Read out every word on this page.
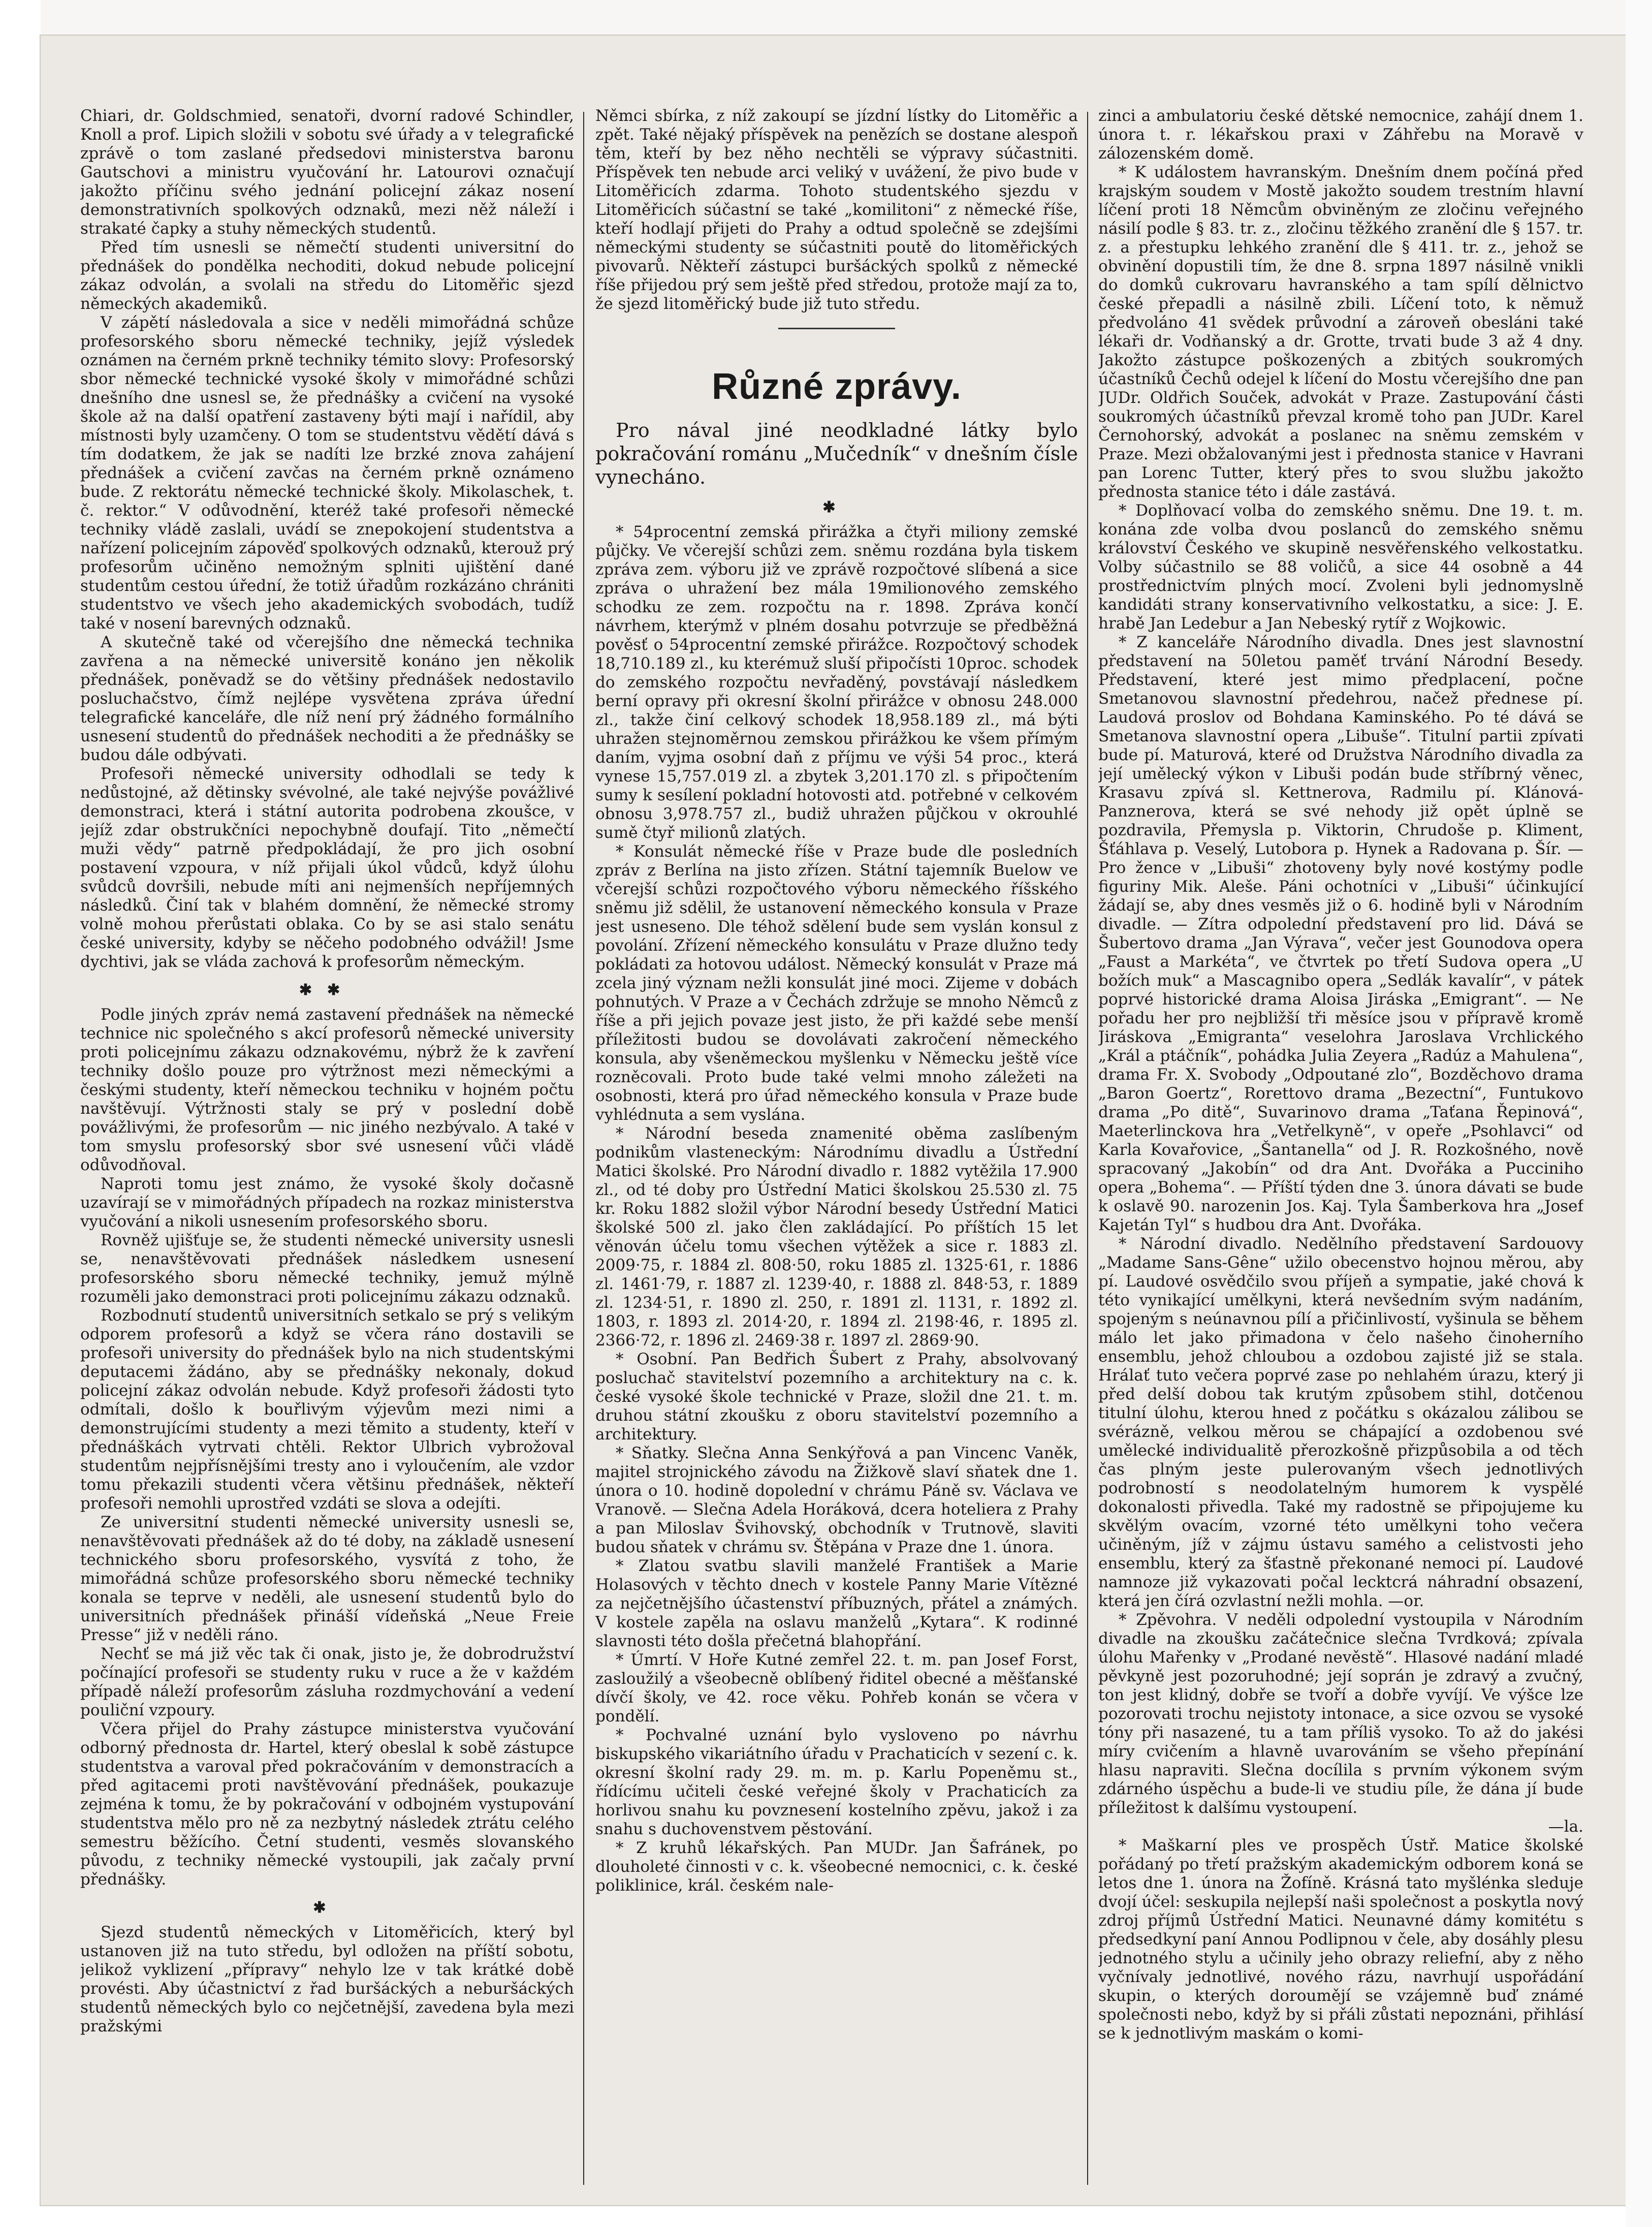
Chiari, dr. Goldschmied, senatoři, dvorní radové Schindler, Knoll a prof. Lipich složili v sobotu své úřady a v telegrafické zprávě o tom zaslané předsedovi ministerstva baronu Gautschovi a ministru vyučování hr. Latourovi označují jakožto příčinu svého jednání policejní zákaz nosení demonstrativních spolkových odznaků, mezi něž náleží i strakaté čapky a stuhy německých studentů.

Před tím usnesli se němečtí studenti universitní do přednášek do pondělka nechoditi, dokud nebude policejní zákaz odvolán, a svolali na středu do Litoměřic sjezd německých akademiků.

V zápětí následovala a sice v neděli mimořádná schůze profesorského sboru německé techniky, jejíž výsledek oznámen na černém prkně techniky témito slovy: Profesorský sbor německé technické vysoké školy v mimořádné schůzi dnešního dne usnesl se, že přednášky a cvičení na vysoké škole až na další opatření zastaveny býti mají i nařídil, aby místnosti byly uzamčeny. O tom se studentstvu vědětí dává s tím dodatkem, že jak se nadíti lze brzké znova zahájení přednášek a cvičení zavčas na černém prkně oznámeno bude. Z rektorátu německé technické školy. Mikolaschek, t. č. rektor.“ V odůvodnění, kteréž také profesoři německé techniky vládě zaslali, uvádí se znepokojení studentstva a nařízení policejním zápověď spolkových odznaků, kterouž prý profesorům učiněno nemožným splniti ujištění dané studentům cestou úřední, že totiž úřadům rozkázáno chrániti studentstvo ve všech jeho akademických svobodách, tudíž také v nosení barevných odznaků.

A skutečně také od včerejšího dne německá technika zavřena a na německé universitě konáno jen několik přednášek, poněvadž se do většiny přednášek nedostavilo posluchačstvo, čímž nejlépe vysvětena zpráva úřední telegrafické kanceláře, dle níž není prý žádného formálního usnesení studentů do přednášek nechoditi a že přednášky se budou dále odbývati.

Profesoři německé university odhodlali se tedy k nedůstojné, až dětinsky svévolné, ale také nejvýše povážlivé demonstraci, která i státní autorita podrobena zkoušce, v jejíž zdar obstrukčníci nepochybně doufají. Tito „němečtí muži vědy“ patrně předpokládají, že pro jich osobní postavení vzpoura, v níž přijali úkol vůdců, když úlohu svůdců dovršili, nebude míti ani nejmenších nepříjemných následků. Činí tak v blahém domnění, že německé stromy volně mohou přerůstati oblaka. Co by se asi stalo senátu české university, kdyby se něčeho podobného odvážil! Jsme dychtivi, jak se vláda zachová k profesorům německým.

✱✱

Podle jiných zpráv nemá zastavení přednášek na německé technice nic společného s akcí profesorů německé university proti policejnímu zákazu odznakovému, nýbrž že k zavření techniky došlo pouze pro výtržnost mezi německými a českými studenty, kteří německou techniku v hojném počtu navštěvují. Výtržnosti staly se prý v poslední době povážlivými, že profesorům — nic jiného nezbývalo. A také v tom smyslu profesorský sbor své usnesení vůči vládě odůvodňoval.

Naproti tomu jest známo, že vysoké školy dočasně uzavírají se v mimořádných případech na rozkaz ministerstva vyučování a nikoli usnesením profesorského sboru.

Rovněž ujišťuje se, že studenti německé university usnesli se, nenavštěvovati přednášek následkem usnesení profesorského sboru německé techniky, jemuž mýlně rozuměli jako demonstraci proti policejnímu zákazu odznaků.

Rozbodnutí studentů universitních setkalo se prý s velikým odporem profesorů a když se včera ráno dostavili se profesoři university do přednášek bylo na nich studentskými deputacemi žádáno, aby se přednášky nekonaly, dokud policejní zákaz odvolán nebude. Když profesoři žádosti tyto odmítali, došlo k bouřlivým výjevům mezi nimi a demonstrujícími studenty a mezi těmito a studenty, kteří v přednáškách vytrvati chtěli. Rektor Ulbrich vybrožoval studentům nejpřísnějšími tresty ano i vyloučením, ale vzdor tomu překazili studenti včera většinu přednášek, někteří profesoři nemohli uprostřed vzdáti se slova a odejíti.

Ze universitní studenti německé university usnesli se, nenavštěvovati přednášek až do té doby, na základě usnesení technického sboru profesorského, vysvítá z toho, že mimořádná schůze profesorského sboru německé techniky konala se teprve v neděli, ale usnesení studentů bylo do universitních přednášek přináší vídeňská „Neue Freie Presse“ již v neděli ráno.

Nechť se má již věc tak či onak, jisto je, že dobrodružství počínající profesoři se studenty ruku v ruce a že v každém případě náleží profesorům zásluha rozdmychování a vedení pouliční vzpoury.

Včera přijel do Prahy zástupce ministerstva vyučování odborný přednosta dr. Hartel, který obeslal k sobě zástupce studentstva a varoval před pokračováním v demonstracích a před agitacemi proti navštěvování přednášek, poukazuje zejména k tomu, že by pokračování v odbojném vystupování studentstva mělo pro ně za nezbytný následek ztrátu celého semestru běžícího. Četní studenti, vesměs slovanského původu, z techniky německé vystoupili, jak začaly první přednášky.

✱

Sjezd studentů německých v Litoměřicích, který byl ustanoven již na tuto středu, byl odložen na příští sobotu, jelikož vyklizení „přípravy“ nehylo lze v tak krátké době provésti. Aby účastnictví z řad buršáckých a neburšáckých studentů německých bylo co nejčetnější, zavedena byla mezi pražskými

Němci sbírka, z níž zakoupí se jízdní lístky do Litoměřic a zpět. Také nějaký příspěvek na penězích se dostane alespoň těm, kteří by bez něho nechtěli se výpravy súčastniti. Příspěvek ten nebude arci veliký v uvážení, že pivo bude v Litoměřicích zdarma. Tohoto studentského sjezdu v Litoměřicích súčastní se také „komilitoni“ z německé říše, kteří hodlají přijeti do Prahy a odtud společně se zdejšími německými studenty se súčastniti poutě do litoměřických pivovarů. Někteří zástupci buršáckých spolků z německé říše přijedou prý sem ještě před středou, protože mají za to, že sjezd litoměřický bude již tuto středu.

Různé zprávy.

Pro nával jiné neodkladné látky bylo pokračování románu „Mučedník“ v dnešním čísle vynecháno.

✱

* 54procentní zemská přirážka a čtyři miliony zemské půjčky. Ve včerejší schůzi zem. sněmu rozdána byla tiskem zpráva zem. výboru již ve zprávě rozpočtové slíbená a sice zpráva o uhražení bez mála 19milionového zemského schodku ze zem. rozpočtu na r. 1898. Zpráva končí návrhem, kterýmž v plném dosahu potvrzuje se předběžná pověsť o 54procentní zemské přirážce. Rozpočtový schodek 18,710.189 zl., ku kterémuž sluší připočísti 10proc. schodek do zemského rozpočtu nevřaděný, povstávají následkem berní opravy při okresní školní přirážce v obnosu 248.000 zl., takže činí celkový schodek 18,958.189 zl., má býti uhražen stejnoměrnou zemskou přirážkou ke všem přímým daním, vyjma osobní daň z příjmu ve výši 54 proc., která vynese 15,757.019 zl. a zbytek 3,201.170 zl. s připočtením sumy k sesílení pokladní hotovosti atd. potřebné v celkovém obnosu 3,978.757 zl., budiž uhražen půjčkou v okrouhlé sumě čtyř milionů zlatých.

* Konsulát německé říše v Praze bude dle posledních zpráv z Berlína na jisto zřízen. Státní tajemník Buelow ve včerejší schůzi rozpočtového výboru německého říšského sněmu již sdělil, že ustanovení německého konsula v Praze jest usneseno. Dle téhož sdělení bude sem vyslán konsul z povolání. Zřízení německého konsulátu v Praze dlužno tedy pokládati za hotovou událost. Německý konsulát v Praze má zcela jiný význam nežli konsulát jiné moci. Zijeme v dobách pohnutých. V Praze a v Čechách zdržuje se mnoho Němců z říše a při jejich povaze jest jisto, že při každé sebe menší příležitosti budou se dovolávati zakročení německého konsula, aby všeněmeckou myšlenku v Německu ještě více rozněcovali. Proto bude také velmi mnoho záležeti na osobnosti, která pro úřad německého konsula v Praze bude vyhlédnuta a sem vyslána.

* Národní beseda znamenité oběma zaslíbeným podnikům vlasteneckým: Národnímu divadlu a Ústřední Matici školské. Pro Národní divadlo r. 1882 vytěžila 17.900 zl., od té doby pro Ústřední Matici školskou 25.530 zl. 75 kr. Roku 1882 složil výbor Národní besedy Ústřední Matici školské 500 zl. jako člen zakládající. Po příštích 15 let věnován účelu tomu všechen výtěžek a sice r. 1883 zl. 2009·75, r. 1884 zl. 808·50, roku 1885 zl. 1325·61, r. 1886 zl. 1461·79, r. 1887 zl. 1239·40, r. 1888 zl. 848·53, r. 1889 zl. 1234·51, r. 1890 zl. 250, r. 1891 zl. 1131, r. 1892 zl. 1803, r. 1893 zl. 2014·20, r. 1894 zl. 2198·46, r. 1895 zl. 2366·72, r. 1896 zl. 2469·38 r. 1897 zl. 2869·90.

* Osobní. Pan Bedřich Šubert z Prahy, absolvovaný posluchač stavitelství pozemního a architektury na c. k. české vysoké škole technické v Praze, složil dne 21. t. m. druhou státní zkoušku z oboru stavitelství pozemního a architektury.

* Sňatky. Slečna Anna Senkýřová a pan Vincenc Vaněk, majitel strojnického závodu na Žižkově slaví sňatek dne 1. února o 10. hodině dopolední v chrámu Páně sv. Václava ve Vranově. — Slečna Adela Horáková, dcera hoteliera z Prahy a pan Miloslav Švihovský, obchodník v Trutnově, slaviti budou sňatek v chrámu sv. Štěpána v Praze dne 1. února.

* Zlatou svatbu slavili manželé František a Marie Holasových v těchto dnech v kostele Panny Marie Vítězné za nejčetnějšího účastenství příbuzných, přátel a známých. V kostele zapěla na oslavu manželů „Kytara“. K rodinné slavnosti této došla přečetná blahopřání.

* Úmrtí. V Hoře Kutné zemřel 22. t. m. pan Josef Forst, zasloužilý a všeobecně oblíbený řiditel obecné a měšťanské dívčí školy, ve 42. roce věku. Pohřeb konán se včera v pondělí.

* Pochvalné uznání bylo vysloveno po návrhu biskupského vikariátního úřadu v Prachaticích v sezení c. k. okresní školní rady 29. m. m. p. Karlu Popeněmu st., řídícímu učiteli české veřejné školy v Prachaticích za horlivou snahu ku povznesení kostelního zpěvu, jakož i za snahu s duchovenstvem pěstování.

* Z kruhů lékařských. Pan MUDr. Jan Šafránek, po dlouholeté činnosti v c. k. všeobecné nemocnici, c. k. české poliklinice, král. českém nale-

zinci a ambulatoriu české dětské nemocnice, zahájí dnem 1. února t. r. lékařskou praxi v Záhřebu na Moravě v zálozenském domě.

* K událostem havranským. Dnešním dnem počíná před krajským soudem v Mostě jakožto soudem trestním hlavní líčení proti 18 Němcům obviněným ze zločinu veřejného násilí podle § 83. tr. z., zločinu těžkého zranění dle § 157. tr. z. a přestupku lehkého zranění dle § 411. tr. z., jehož se obvinění dopustili tím, že dne 8. srpna 1897 násilně vnikli do domků cukrovaru havranského a tam spílí dělnictvo české přepadli a násilně zbili. Líčení toto, k němuž předvoláno 41 svědek průvodní a zároveň obesláni také lékaři dr. Vodňanský a dr. Grotte, trvati bude 3 až 4 dny. Jakožto zástupce poškozených a zbitých soukromých účastníků Čechů odejel k líčení do Mostu včerejšího dne pan JUDr. Oldřich Souček, advokát v Praze. Zastupování části soukromých účastníků převzal kromě toho pan JUDr. Karel Černohorský, advokát a poslanec na sněmu zemském v Praze. Mezi obžalovanými jest i přednosta stanice v Havrani pan Lorenc Tutter, který přes to svou službu jakožto přednosta stanice této i dále zastává.

* Doplňovací volba do zemského sněmu. Dne 19. t. m. konána zde volba dvou poslanců do zemského sněmu království Českého ve skupině nesvěřenského velkostatku. Volby súčastnilo se 88 voličů, a sice 44 osobně a 44 prostřednictvím plných mocí. Zvoleni byli jednomyslně kandidáti strany konservativního velkostatku, a sice: J. E. hrabě Jan Ledebur a Jan Nebeský rytíř z Wojkowic.

* Z kanceláře Národního divadla. Dnes jest slavnostní představení na 50letou paměť trvání Národní Besedy. Představení, které jest mimo předplacení, počne Smetanovou slavnostní předehrou, načež přednese pí. Laudová proslov od Bohdana Kaminského. Po té dává se Smetanova slavnostní opera „Libuše“. Titulní partii zpívati bude pí. Maturová, které od Družstva Národního divadla za její umělecký výkon v Libuši podán bude stříbrný věnec, Krasavu zpívá sl. Kettnerova, Radmilu pí. Klánová-Panznerova, která se své nehody již opět úplně se pozdravila, Přemysla p. Viktorin, Chrudoše p. Kliment, Šťáhlava p. Veselý, Lutobora p. Hynek a Radovana p. Šír. — Pro žence v „Libuši“ zhotoveny byly nové kostýmy podle figuriny Mik. Aleše. Páni ochotníci v „Libuši“ účinkující žádají se, aby dnes vesměs již o 6. hodině byli v Národním divadle. — Zítra odpolední představení pro lid. Dává se Šubertovo drama „Jan Výrava“, večer jest Gounodova opera „Faust a Markéta“, ve čtvrtek po třetí Sudova opera „U božích muk“ a Mascagnibo opera „Sedlák kavalír“, v pátek poprvé historické drama Aloisa Jiráska „Emigrant“. — Ne pořadu her pro nejbližší tři měsíce jsou v přípravě kromě Jiráskova „Emigranta“ veselohra Jaroslava Vrchlického „Král a ptáčník“, pohádka Julia Zeyera „Radúz a Mahulena“, drama Fr. X. Svobody „Odpoutané zlo“, Bozděchovo drama „Baron Goertz“, Rorettovo drama „Bezectní“, Funtukovo drama „Po ditě“, Suvarinovo drama „Taťana Řepinová“, Maeterlinckova hra „Vetřelkyně“, v opeře „Psohlavci“ od Karla Kovařovice, „Šantanella“ od J. R. Rozkošného, nově spracovaný „Jakobín“ od dra Ant. Dvořáka a Pucciniho opera „Bohema“. — Příští týden dne 3. února dávati se bude k oslavě 90. narozenin Jos. Kaj. Tyla Šamberkova hra „Josef Kajetán Tyl“ s hudbou dra Ant. Dvořáka.

* Národní divadlo. Nedělního představení Sardouovy „Madame Sans-Gêne“ užilo obecenstvo hojnou měrou, aby pí. Laudové osvědčilo svou příjeň a sympatie, jaké chová k této vynikající umělkyni, která nevšedním svým nadáním, spojeným s neúnavnou pílí a přičinlivostí, vyšinula se během málo let jako přimadona v čelo našeho činoherního ensemblu, jehož chloubou a ozdobou zajisté již se stala. Hrálať tuto večera poprvé zase po nehlahém úrazu, který ji před delší dobou tak krutým způsobem stihl, dotčenou titulní úlohu, kterou hned z počátku s okázalou zálibou se svérázně, velkou měrou se chápající a ozdobenou své umělecké individualitě přerozkošně přizpůsobila a od těch čas plným jeste pulerovaným všech jednotlivých podrobností s neodolatelným humorem k vyspělé dokonalosti přivedla. Také my radostně se připojujeme ku skvělým ovacím, vzorné této umělkyni toho večera učiněným, jíž v zájmu ústavu samého a celistvosti jeho ensemblu, který za šťastně překonané nemoci pí. Laudové namnoze již vykazovati počal lecktcrá náhradní obsazení, která jen čírá ozvlastní nežli mohla. —or.

* Zpěvohra. V neděli odpolední vystoupila v Národním divadle na zkoušku začátečnice slečna Tvrdková; zpívala úlohu Mařenky v „Prodané nevěstě“. Hlasové nadání mladé pěvkyně jest pozoruhodné; její soprán je zdravý a zvučný, ton jest klidný, dobře se tvoří a dobře vyvíjí. Ve výšce lze pozorovati trochu nejistoty intonace, a sice ozvou se vysoké tóny při nasazené, tu a tam příliš vysoko. To až do jakési míry cvičením a hlavně uvarováním se všeho přepínání hlasu napraviti. Slečna docílila s prvním výkonem svým zdárného úspěchu a bude-li ve studiu píle, že dána jí bude příležitost k dalšímu vystoupení.

—la.

* Maškarní ples ve prospěch Ústř. Matice školské pořádaný po třetí pražským akademickým odborem koná se letos dne 1. února na Žofíně. Krásná tato myšlénka sleduje dvojí účel: seskupila nejlepší naši společnost a poskytla nový zdroj příjmů Ústřední Matici. Neunavné dámy komitétu s předsedkyní paní Annou Podlipnou v čele, aby dosáhly plesu jednotného stylu a učinily jeho obrazy reliefní, aby z něho vyčnívaly jednotlivé, nového rázu, navrhují uspořádání skupin, o kterých doroumějí se vzájemně buď známé společnosti nebo, když by si přáli zůstati nepoznáni, přihlásí se k jednotlivým maskám o komi-
